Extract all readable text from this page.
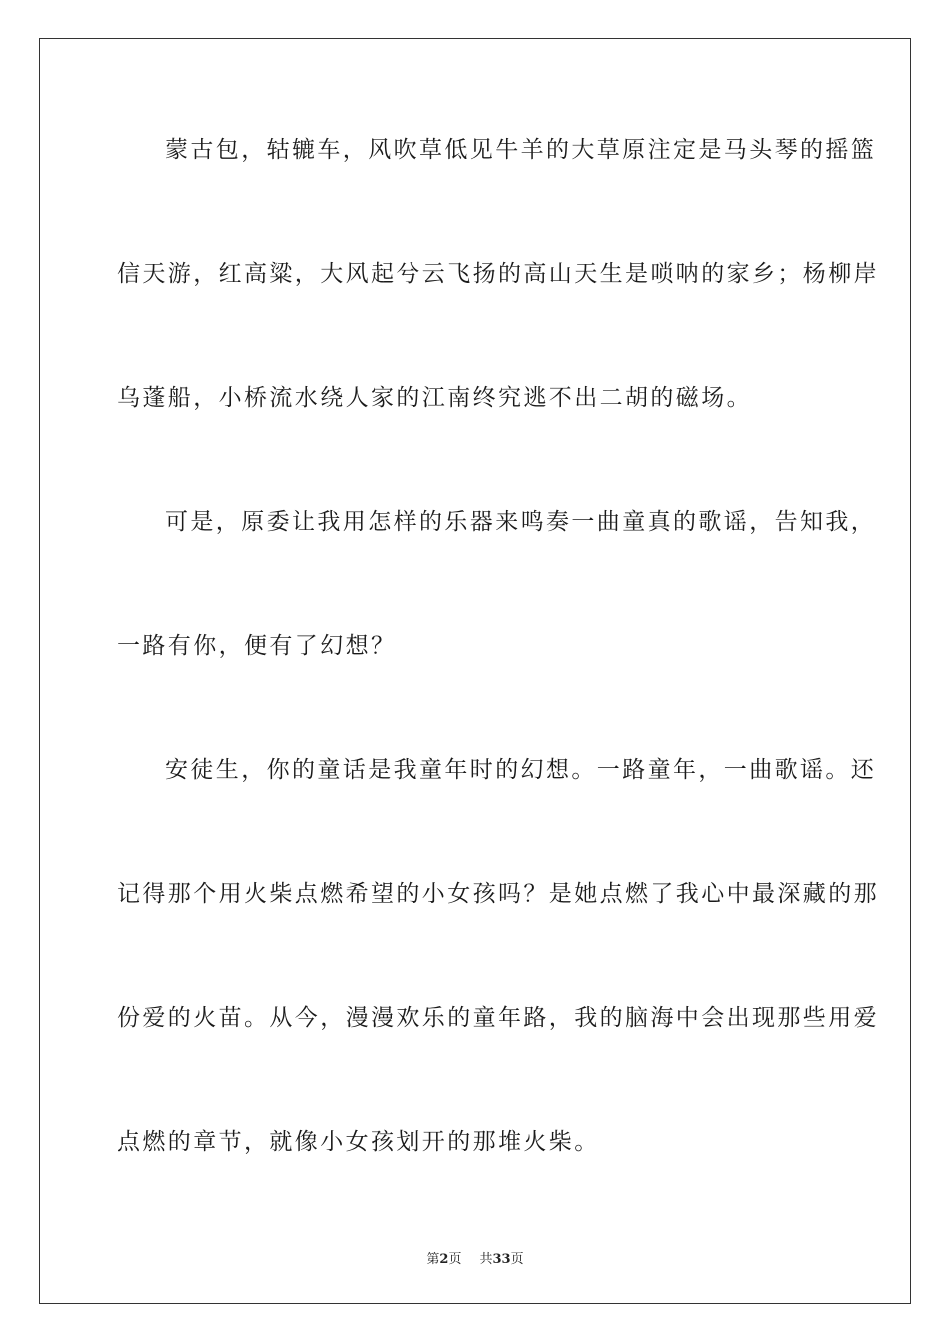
蒙古包，轱辘车，风吹草低见牛羊的大草原注定是马头琴的摇篮
信天游，红高粱，大风起兮云飞扬的高山天生是唢呐的家乡；杨柳岸
乌蓬船，小桥流水绕人家的江南终究逃不出二胡的磁场。
可是，原委让我用怎样的乐器来鸣奏一曲童真的歌谣，告知我，
一路有你，便有了幻想？
安徒生，你的童话是我童年时的幻想。一路童年，一曲歌谣。还
记得那个用火柴点燃希望的小女孩吗？是她点燃了我心中最深藏的那
份爱的火苗。从今，漫漫欢乐的童年路，我的脑海中会出现那些用爱
点燃的章节，就像小女孩划开的那堆火柴。
第2页 共33页
